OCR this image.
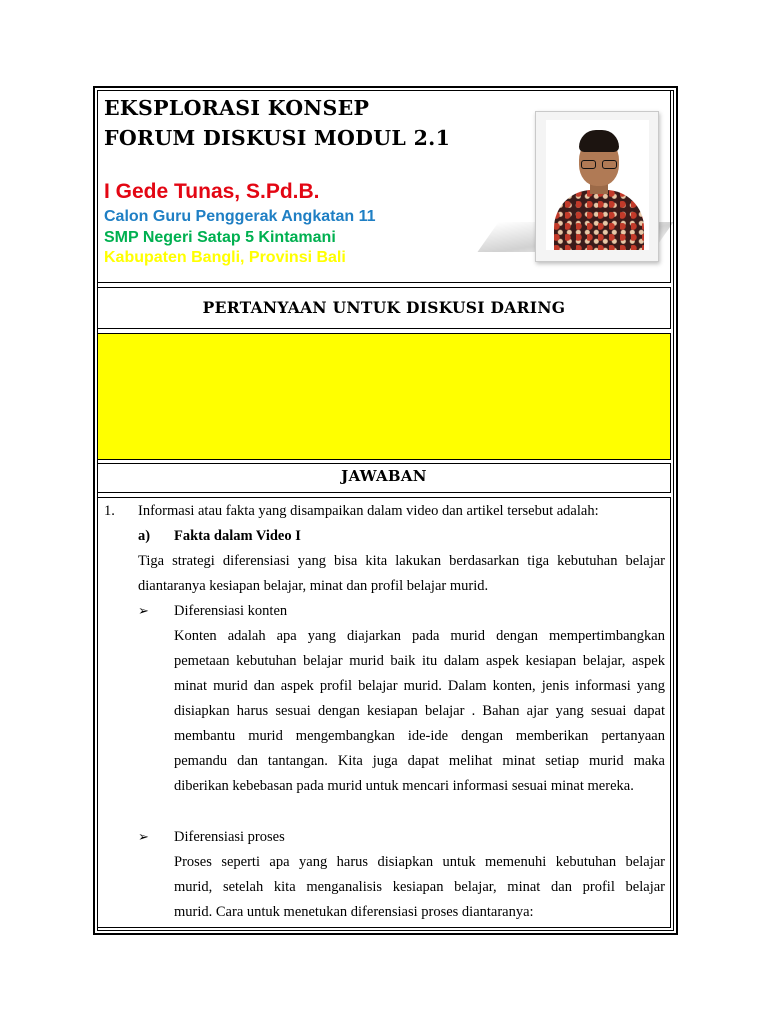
EKSPLORASI KONSEP
FORUM DISKUSI MODUL 2.1
I Gede Tunas, S.Pd.B.
Calon Guru Penggerak Angkatan 11
SMP Negeri Satap 5 Kintamani
Kabupaten Bangli, Provinsi Bali
PERTANYAAN UNTUK DISKUSI DARING
JAWABAN
1. Informasi atau fakta yang disampaikan dalam video dan artikel tersebut adalah:
a) Fakta dalam Video I
Tiga strategi diferensiasi yang bisa kita lakukan berdasarkan tiga kebutuhan belajar
diantaranya kesiapan belajar, minat dan profil belajar murid.
➢ Diferensiasi konten
Konten adalah apa yang diajarkan pada murid dengan mempertimbangkan
pemetaan kebutuhan belajar murid baik itu dalam aspek kesiapan belajar, aspek
minat murid dan aspek profil belajar murid. Dalam konten, jenis informasi yang
disiapkan harus sesuai dengan kesiapan belajar . Bahan ajar yang sesuai dapat
membantu murid mengembangkan ide-ide dengan memberikan pertanyaan
pemandu dan tantangan. Kita juga dapat melihat minat setiap murid maka
diberikan kebebasan pada murid untuk mencari informasi sesuai minat mereka.
➢ Diferensiasi proses
Proses seperti apa yang harus disiapkan untuk memenuhi kebutuhan belajar
murid, setelah kita menganalisis kesiapan belajar, minat dan profil belajar
murid. Cara untuk menetukan diferensiasi proses diantaranya:
